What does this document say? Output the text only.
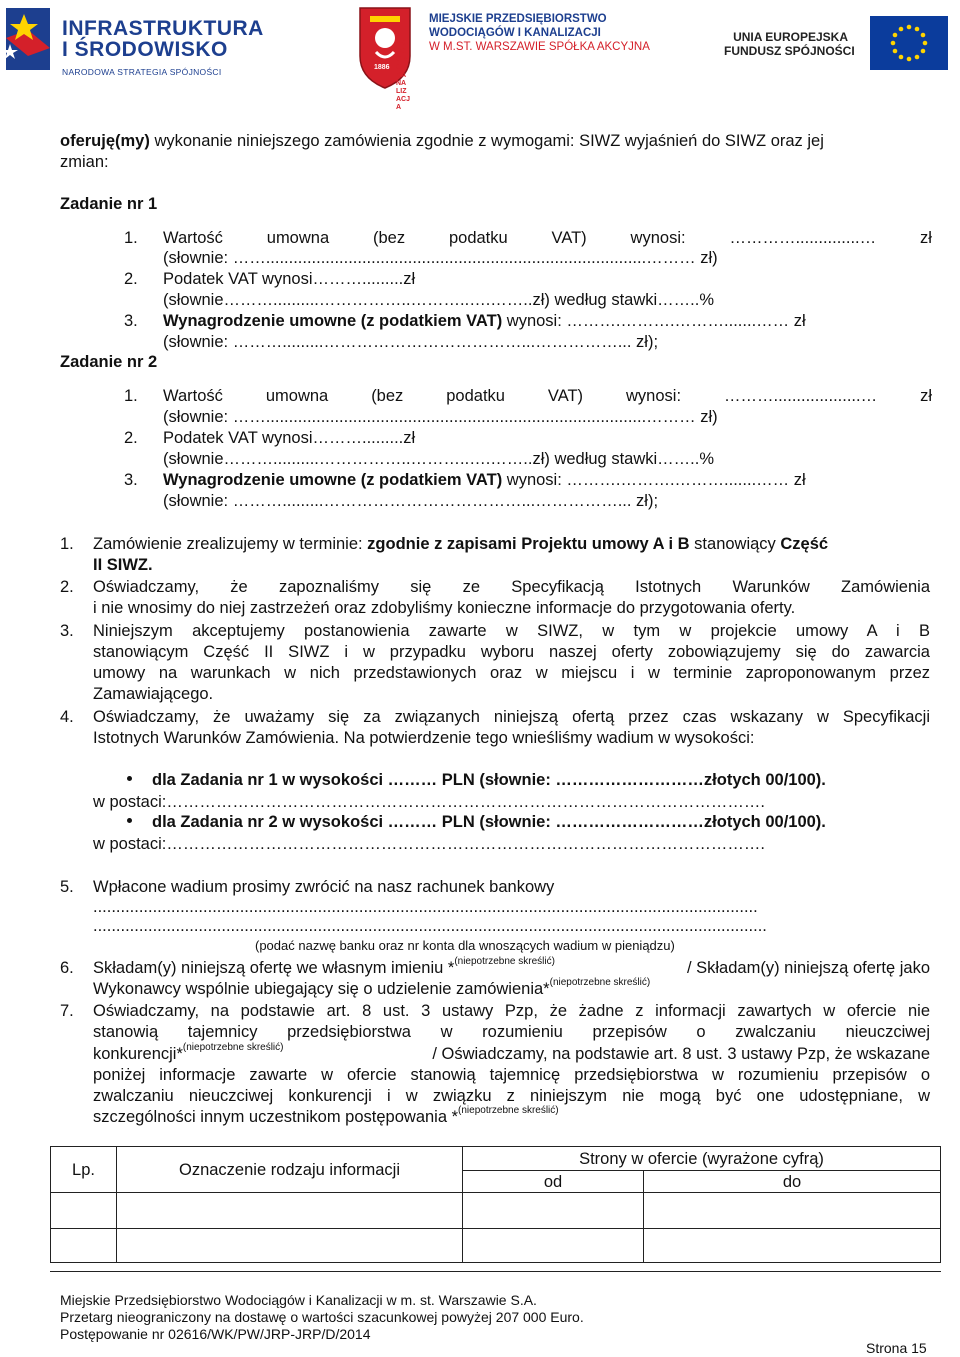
INFRASTRUKTURA
I ŚRODOWISKO
NARODOWA STRATEGIA SPÓJNOŚCI	1886
WODOCIĄGI I KANALIZACJA
MIEJSKIE PRZEDSIĘBIORSTWO
WODOCIĄGÓW I KANALIZACJI
W M.ST. WARSZAWIE SPÓŁKA AKCYJNA
UNIA EUROPEJSKA
FUNDUSZ SPÓJNOŚCI
oferuję(my) wykonanie niniejszego zamówienia zgodnie z wymogami: SIWZ wyjaśnień do SIWZ oraz jej
zmian:
Zadanie nr 1
1. Wartość	umowna	(bez	podatku	VAT)	wynosi:	…………..............…	zł
(słownie: ……...................................................................................……… zł)
2. Podatek VAT wynosi……….........zł
(słownie………..........……………..………..….……..zł) według stawki……..%
3. Wynagrodzenie umowne (z podatkiem VAT) wynosi: ……….……….……….......…… zł
(słownie: ……….........………………………………...……………... zł);
Zadanie nr 2
1. Wartość	umowna	(bez	podatku	VAT)	wynosi:	………...................…	zł
(słownie: ……...................................................................................……… zł)
2. Podatek VAT wynosi……….........zł
(słownie………..........……………..………..….……..zł) według stawki……..%
3. Wynagrodzenie umowne (z podatkiem VAT) wynosi: ……….……….……….......…… zł
(słownie: ……….........………………………………...……………... zł);
1. Zamówienie zrealizujemy w terminie: zgodnie z zapisami Projektu umowy A i B stanowiący Część
II SIWZ.
2. Oświadczamy, że zapoznaliśmy się ze Specyfikacją Istotnych Warunków Zamówienia
i nie wnosimy do niej zastrzeżeń oraz zdobyliśmy konieczne informacje do przygotowania oferty.
3. Niniejszym akceptujemy postanowienia zawarte w SIWZ, w tym w projekcie umowy A i B
stanowiącym Część II SIWZ i w przypadku wyboru naszej oferty zobowiązujemy się do zawarcia
umowy na warunkach w nich przedstawionych oraz w miejscu i w terminie zaproponowanym przez
Zamawiającego.
4. Oświadczamy, że uważamy się za związanych niniejszą ofertą przez czas wskazany w Specyfikacji
Istotnych Warunków Zamówienia. Na potwierdzenie tego wnieśliśmy wadium w wysokości:
dla Zadania nr 1 w wysokości ……… PLN (słownie: ………………………złotych 00/100).
w postaci:……………………………………………………………………………………………….
dla Zadania nr 2 w wysokości ……… PLN (słownie: ………………………złotych 00/100).
w postaci:……………………………………………………………………………………………….
5. Wpłacone wadium prosimy zwrócić na nasz rachunek bankowy
.................................................................................................................................................
...................................................................................................................................................
(podać nazwę banku oraz nr konta dla wnoszących wadium w pieniądzu)
6. Składam(y) niniejszą ofertę we własnym imieniu *$^{(niepotrzebne skreślić)}$	/ Składam(y) niniejszą ofertę jako
Wykonawcy wspólnie ubiegający się o udzielenie zamówienia*$^{(niepotrzebne skreślić)}$
7. Oświadczamy, na podstawie art. 8 ust. 3 ustawy Pzp, że żadne z informacji zawartych w ofercie nie
stanowią tajemnicy przedsiębiorstwa w rozumieniu przepisów o zwalczaniu nieuczciwej
konkurencji*$^{(niepotrzebne skreślić)}$	/ Oświadczamy, na podstawie art. 8 ust. 3 ustawy Pzp, że wskazane
poniżej informacje zawarte w ofercie stanowią tajemnicę przedsiębiorstwa w rozumieniu przepisów o
zwalczaniu nieuczciwej konkurencji i w związku z niniejszym nie mogą być one udostępniane, w
szczególności innym uczestnikom postępowania *$^{(niepotrzebne skreślić)}$
Lp.	Oznaczenie rodzaju informacji	Strony w ofercie (wyrażone cyfrą)	
		od	do

Miejskie Przedsiębiorstwo Wodociągów i Kanalizacji w m. st. Warszawie S.A.
Przetarg nieograniczony na dostawę o wartości szacunkowej powyżej 207 000 Euro.
Postępowanie nr 02616/WK/PW/JRP-JRP/D/2014
Strona 15
